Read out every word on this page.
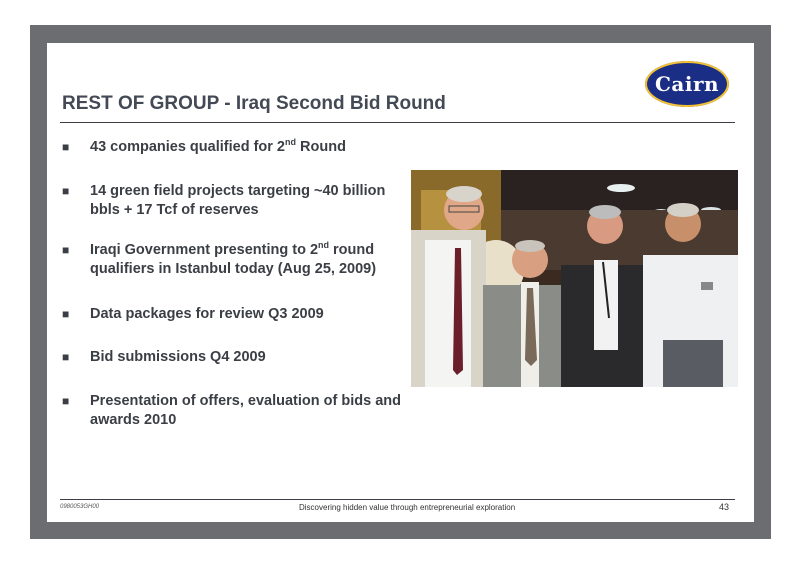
Cairn
REST OF GROUP - Iraq Second Bid Round
■	43 companies qualified for 2nd Round
■	14 green field projects targeting ~40 billion bbls + 17 Tcf of reserves
■	Iraqi Government presenting to 2nd round qualifiers in Istanbul today (Aug 25, 2009)
■	Data packages for review Q3 2009
■	Bid submissions Q4 2009
■	Presentation of offers, evaluation of bids and awards 2010
0980053GH00	Discovering hidden value through entrepreneurial exploration	43
